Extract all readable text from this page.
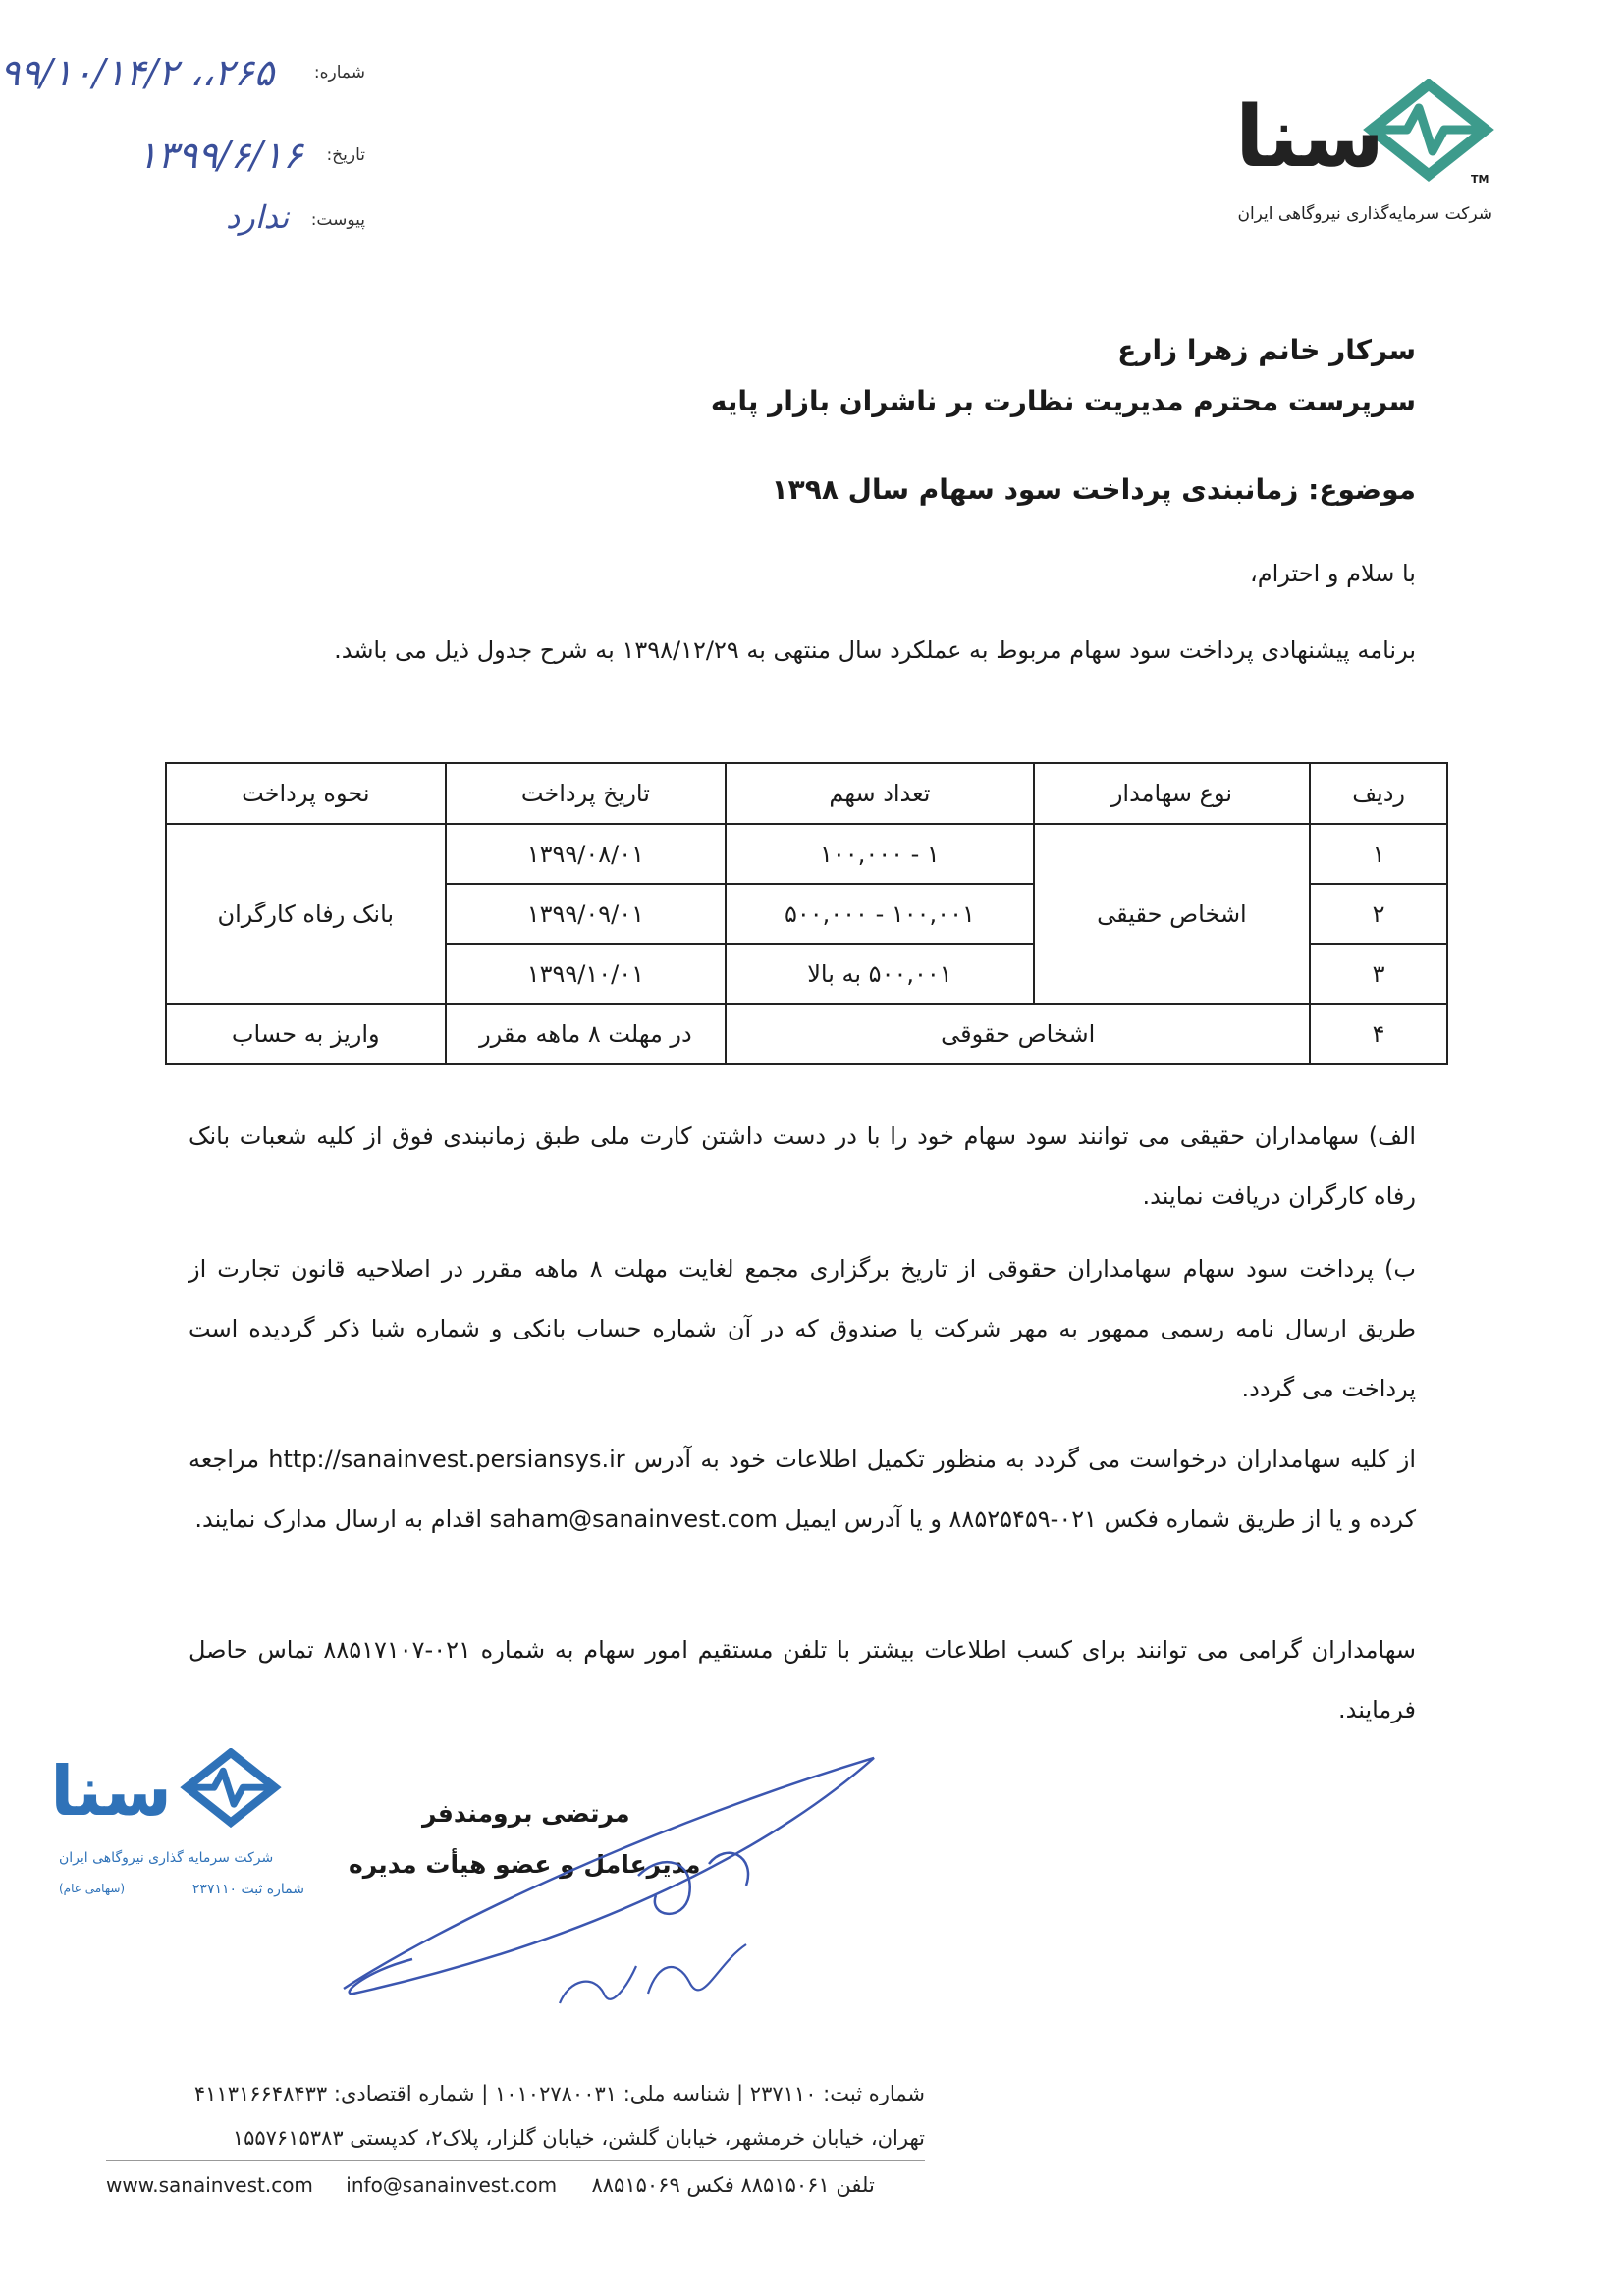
شماره:
۹۹/۱۰/۱۴/۲ ،،۲۶۵
تاریخ:
۱۳۹۹/۶/۱۶
پیوست:
ندارد
سنا	TM
شرکت سرمایه‌گذاری نیروگاهی ایران
سرکار خانم زهرا زارع
سرپرست محترم مدیریت نظارت بر ناشران بازار پایه
موضوع: زمانبندی پرداخت سود سهام سال ۱۳۹۸
با سلام و احترام،
برنامه پیشنهادی پرداخت سود سهام مربوط به عملکرد سال منتهی به ۱۳۹۸/۱۲/۲۹ به شرح جدول ذیل می باشد.
ردیف	نوع سهامدار	تعداد سهم	تاریخ پرداخت	نحوه پرداخت
۱	اشخاص حقیقی	۱ - ۱۰۰,۰۰۰	۱۳۹۹/۰۸/۰۱	بانک رفاه کارگران
۲		۱۰۰,۰۰۱ - ۵۰۰,۰۰۰	۱۳۹۹/۰۹/۰۱	
۳		۵۰۰,۰۰۱ به بالا	۱۳۹۹/۱۰/۰۱	
۴	اشخاص حقوقی		در مهلت ۸ ماهه مقرر	واریز به حساب
الف) سهامداران حقیقی می توانند سود سهام خود را با در دست داشتن کارت ملی طبق زمانبندی فوق از کلیه شعبات بانک رفاه کارگران دریافت نمایند.
ب) پرداخت سود سهام سهامداران حقوقی از تاریخ برگزاری مجمع لغایت مهلت ۸ ماهه مقرر در اصلاحیه قانون تجارت از طریق ارسال نامه رسمی ممهور به مهر شرکت یا صندوق که در آن شماره حساب بانکی و شماره شبا ذکر گردیده است پرداخت می گردد.
از کلیه سهامداران درخواست می گردد به منظور تکمیل اطلاعات خود به آدرس http://sanainvest.persiansys.ir مراجعه کرده و یا از طریق شماره فکس ۰۲۱-۸۸۵۲۵۴۵۹ و یا آدرس ایمیل saham@sanainvest.com اقدام به ارسال مدارک نمایند.
سهامداران گرامی می توانند برای کسب اطلاعات بیشتر با تلفن مستقیم امور سهام به شماره ۰۲۱-۸۸۵۱۷۱۰۷ تماس حاصل فرمایند.
مرتضی برومندفر
مدیرعامل و عضو هیأت مدیره
سنا
شرکت سرمایه گذاری نیروگاهی ایران
شماره ثبت ۲۳۷۱۱۰
(سهامی عام)
شماره ثبت: ۲۳۷۱۱۰ | شناسه ملی: ۱۰۱۰۲۷۸۰۰۳۱ | شماره اقتصادی: ۴۱۱۳۱۶۶۴۸۴۳۳
تهران، خیابان خرمشهر، خیابان گلشن، خیابان گلزار، پلاک۲، کدپستی ۱۵۵۷۶۱۵۳۸۳
www.sanainvest.com info@sanainvest.com تلفن ۸۸۵۱۵۰۶۱ فکس ۸۸۵۱۵۰۶۹
